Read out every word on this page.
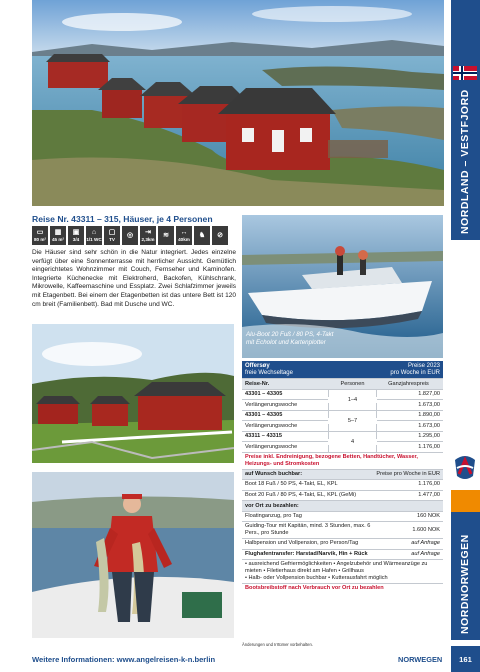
Reise Nr. 43311 – 315, Häuser, je 4 Personen
▭
80 m²
▦
45 m²
▣
3/4
⌂
1/1 WC
▢
TV
◎ ⇥
2,3km
≋ ↔
40km
♞ ⊘
Die Häuser sind sehr schön in die Natur integriert. Jedes einzelne verfügt über eine Sonnenterrasse mit herrlicher Aussicht. Gemütlich eingerichtetes Wohnzimmer mit Couch, Fernseher und Kaminofen. Integrierte Küchenecke mit Elektroherd, Backofen, Kühlschrank, Mikrowelle, Kaffeemaschine und Essplatz. Zwei Schlafzimmer jeweils mit Etagenbett. Bei einem der Etagenbetten ist das untere Bett ist 120 cm breit (Familienbett). Bad mit Dusche und WC.
Alu-Boot 20 Fuß / 80 PS, 4-Takt
mit Echolot und Kartenplotter
Offersøy
freie Wechseltage
Preise 2023
pro Woche in EUR
Reise-Nr.	Personen	Ganzjahrespreis
43301 – 43305	1.827,00
Verlängerungswoche	1.673,00
43301 – 43305	1.890,00
Verlängerungswoche	1.673,00
43311 – 43315	1.295,00
Verlängerungswoche	1.176,00
1–4
5–7
4
Preise inkl. Endreinigung, bezogene Betten, Handtücher, Wasser, Heizungs- und Stromkosten
auf Wunsch buchbar:	Preise pro Woche in EUR
Boot 18 Fuß / 50 PS, 4-Takt, EL, KPL	1.176,00
Boot 20 Fuß / 80 PS, 4-Takt, EL, KPL (GeMi)	1.477,00
vor Ort zu bezahlen:
Floatinganzug, pro Tag	160 NOK
Guiding-Tour mit Kapitän, mind. 3 Stunden, max. 6 Pers., pro Stunde
1.600 NOK
Halbpension und Vollpension, pro Person/Tag	auf Anfrage
Flughafentransfer: Harstad/Narvik, Hin + Rück	auf Anfrage
• ausreichend Gefriermöglichkeiten • Angelzubehör und Wärmeanzüge zu mieten • Filetierhaus direkt am Hafen • Grillhaus
• Halb- oder Vollpension buchbar • Kutterausfahrt möglich
Bootsbreibstoff nach Verbrauch vor Ort zu bezahlen
Änderungen und Irrtümer vorbehalten.
NORDLAND – VESTFJORD
NORDNORWEGEN
Weitere Informationen: www.angelreisen-k-n.berlin	NORWEGEN	161
